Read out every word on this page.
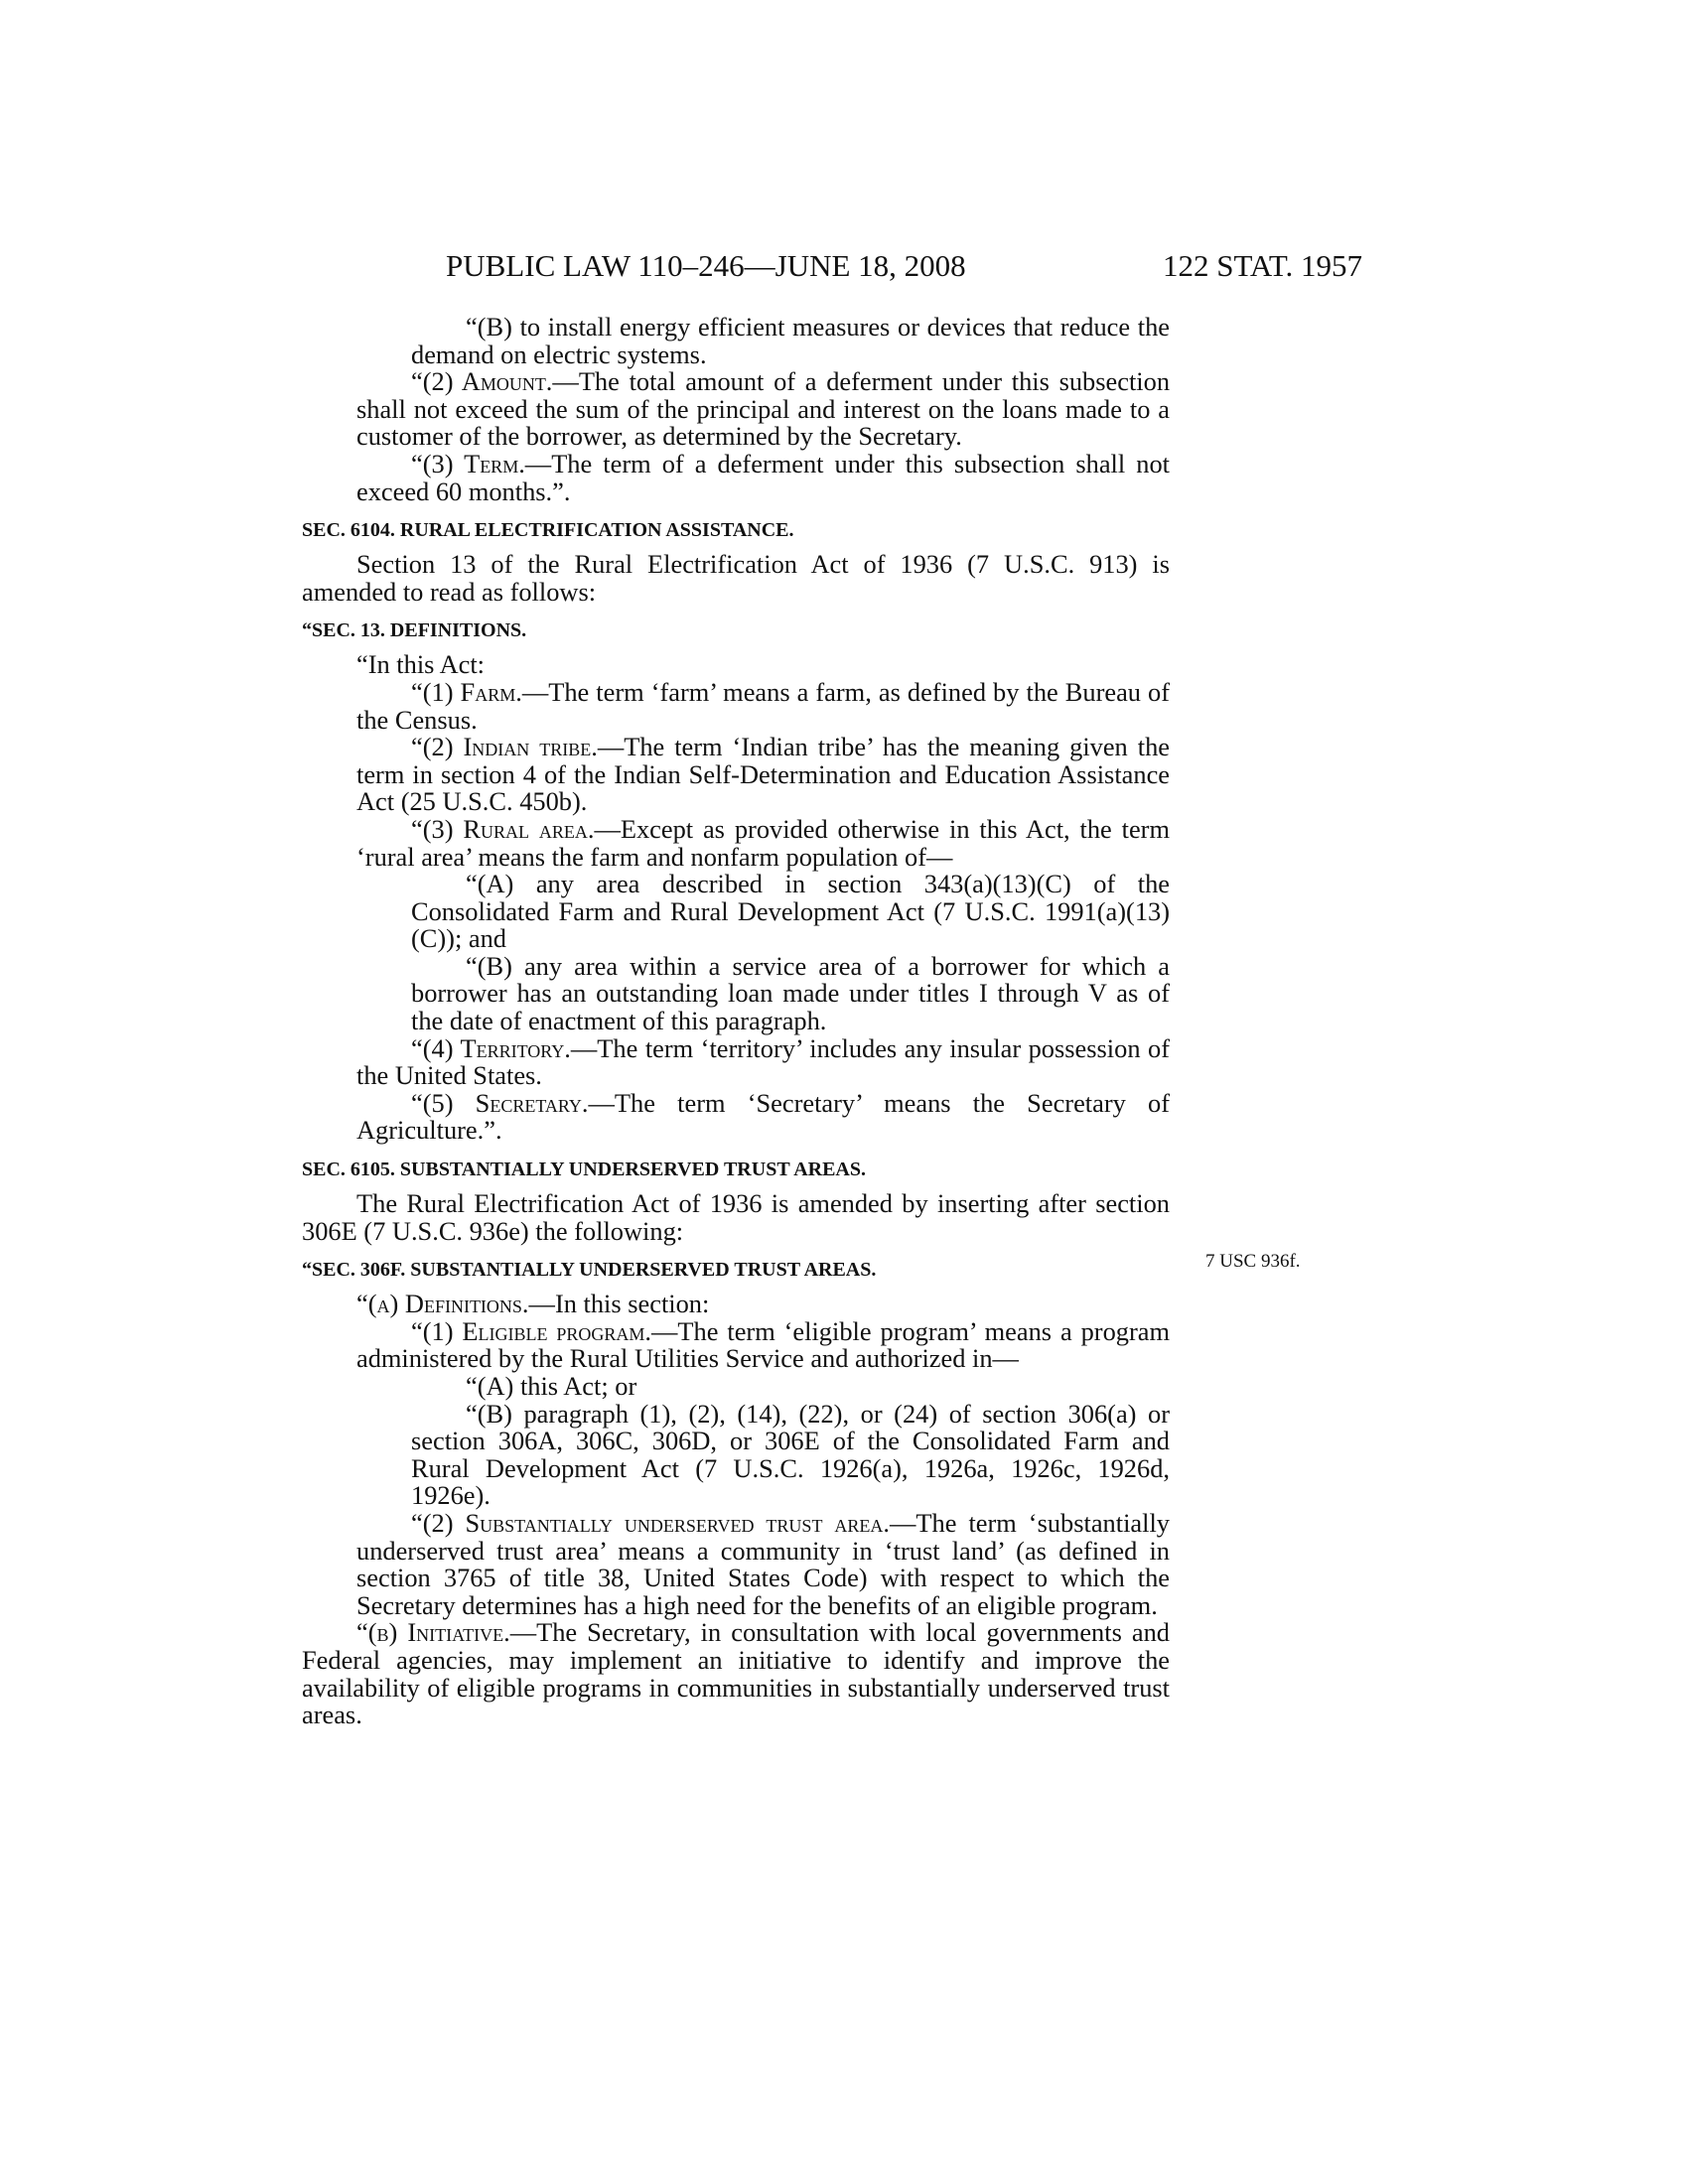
PUBLIC LAW 110–246—JUNE 18, 2008	122 STAT. 1957
7 USC 936f.

“(B) to install energy efficient measures or devices that reduce the demand on electric systems.

“(2) Amount.—The total amount of a deferment under this subsection shall not exceed the sum of the principal and interest on the loans made to a customer of the borrower, as determined by the Secretary.

“(3) Term.—The term of a deferment under this subsection shall not exceed 60 months.”.

SEC. 6104. RURAL ELECTRIFICATION ASSISTANCE.

Section 13 of the Rural Electrification Act of 1936 (7 U.S.C. 913) is amended to read as follows:

“SEC. 13. DEFINITIONS.

“In this Act:

“(1) Farm.—The term ‘farm’ means a farm, as defined by the Bureau of the Census.

“(2) Indian tribe.—The term ‘Indian tribe’ has the meaning given the term in section 4 of the Indian Self-Determination and Education Assistance Act (25 U.S.C. 450b).

“(3) Rural area.—Except as provided otherwise in this Act, the term ‘rural area’ means the farm and nonfarm population of—

“(A) any area described in section 343(a)(13)(C) of the Consolidated Farm and Rural Development Act (7 U.S.C. 1991(a)(13)(C)); and

“(B) any area within a service area of a borrower for which a borrower has an outstanding loan made under titles I through V as of the date of enactment of this paragraph.

“(4) Territory.—The term ‘territory’ includes any insular possession of the United States.

“(5) Secretary.—The term ‘Secretary’ means the Secretary of Agriculture.”.

SEC. 6105. SUBSTANTIALLY UNDERSERVED TRUST AREAS.

The Rural Electrification Act of 1936 is amended by inserting after section 306E (7 U.S.C. 936e) the following:

“SEC. 306F. SUBSTANTIALLY UNDERSERVED TRUST AREAS.

“(a) Definitions.—In this section:

“(1) Eligible program.—The term ‘eligible program’ means a program administered by the Rural Utilities Service and authorized in—

“(A) this Act; or

“(B) paragraph (1), (2), (14), (22), or (24) of section 306(a) or section 306A, 306C, 306D, or 306E of the Consolidated Farm and Rural Development Act (7 U.S.C. 1926(a), 1926a, 1926c, 1926d, 1926e).

“(2) Substantially underserved trust area.—The term ‘substantially underserved trust area’ means a community in ‘trust land’ (as defined in section 3765 of title 38, United States Code) with respect to which the Secretary determines has a high need for the benefits of an eligible program.

“(b) Initiative.—The Secretary, in consultation with local governments and Federal agencies, may implement an initiative to identify and improve the availability of eligible programs in communities in substantially underserved trust areas.
